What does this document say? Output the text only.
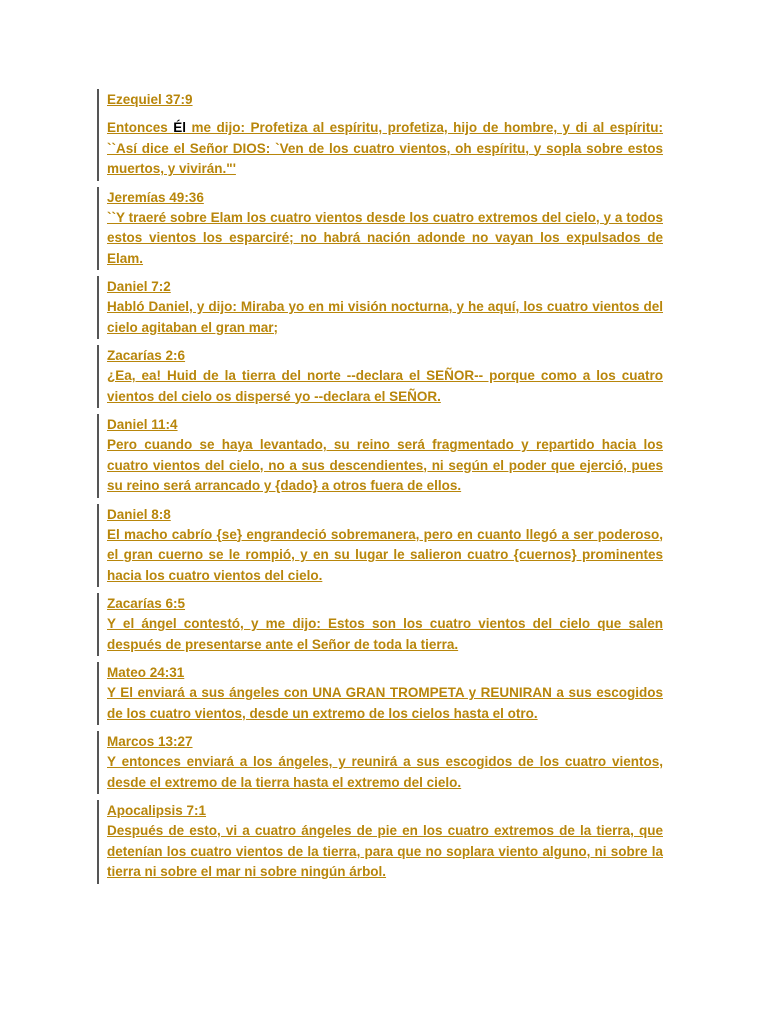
Ezequiel 37:9

Entonces Él me dijo: Profetiza al espíritu, profetiza, hijo de hombre, y di al espíritu: ``Así dice el Señor DIOS: `Ven de los cuatro vientos, oh espíritu, y sopla sobre estos muertos, y vivirán."'

Jeremías 49:36

``Y traeré sobre Elam los cuatro vientos desde los cuatro extremos del cielo, y a todos estos vientos los esparciré; no habrá nación adonde no vayan los expulsados de Elam.

Daniel 7:2

Habló Daniel, y dijo: Miraba yo en mi visión nocturna, y he aquí, los cuatro vientos del cielo agitaban el gran mar;

Zacarías 2:6

¿Ea, ea! Huid de la tierra del norte --declara el SEÑOR-- porque como a los cuatro vientos del cielo os dispersé yo --declara el SEÑOR.

Daniel 11:4

Pero cuando se haya levantado, su reino será fragmentado y repartido hacia los cuatro vientos del cielo, no a sus descendientes, ni según el poder que ejerció, pues su reino será arrancado y {dado} a otros fuera de ellos.

Daniel 8:8

El macho cabrío {se} engrandeció sobremanera, pero en cuanto llegó a ser poderoso, el gran cuerno se le rompió, y en su lugar le salieron cuatro {cuernos} prominentes hacia los cuatro vientos del cielo.

Zacarías 6:5

Y el ángel contestó, y me dijo: Estos son los cuatro vientos del cielo que salen después de presentarse ante el Señor de toda la tierra.

Mateo 24:31

Y El enviará a sus ángeles con UNA GRAN TROMPETA y REUNIRAN a sus escogidos de los cuatro vientos, desde un extremo de los cielos hasta el otro.

Marcos 13:27

Y entonces enviará a los ángeles, y reunirá a sus escogidos de los cuatro vientos, desde el extremo de la tierra hasta el extremo del cielo.

Apocalipsis 7:1

Después de esto, vi a cuatro ángeles de pie en los cuatro extremos de la tierra, que detenían los cuatro vientos de la tierra, para que no soplara viento alguno, ni sobre la tierra ni sobre el mar ni sobre ningún árbol.
